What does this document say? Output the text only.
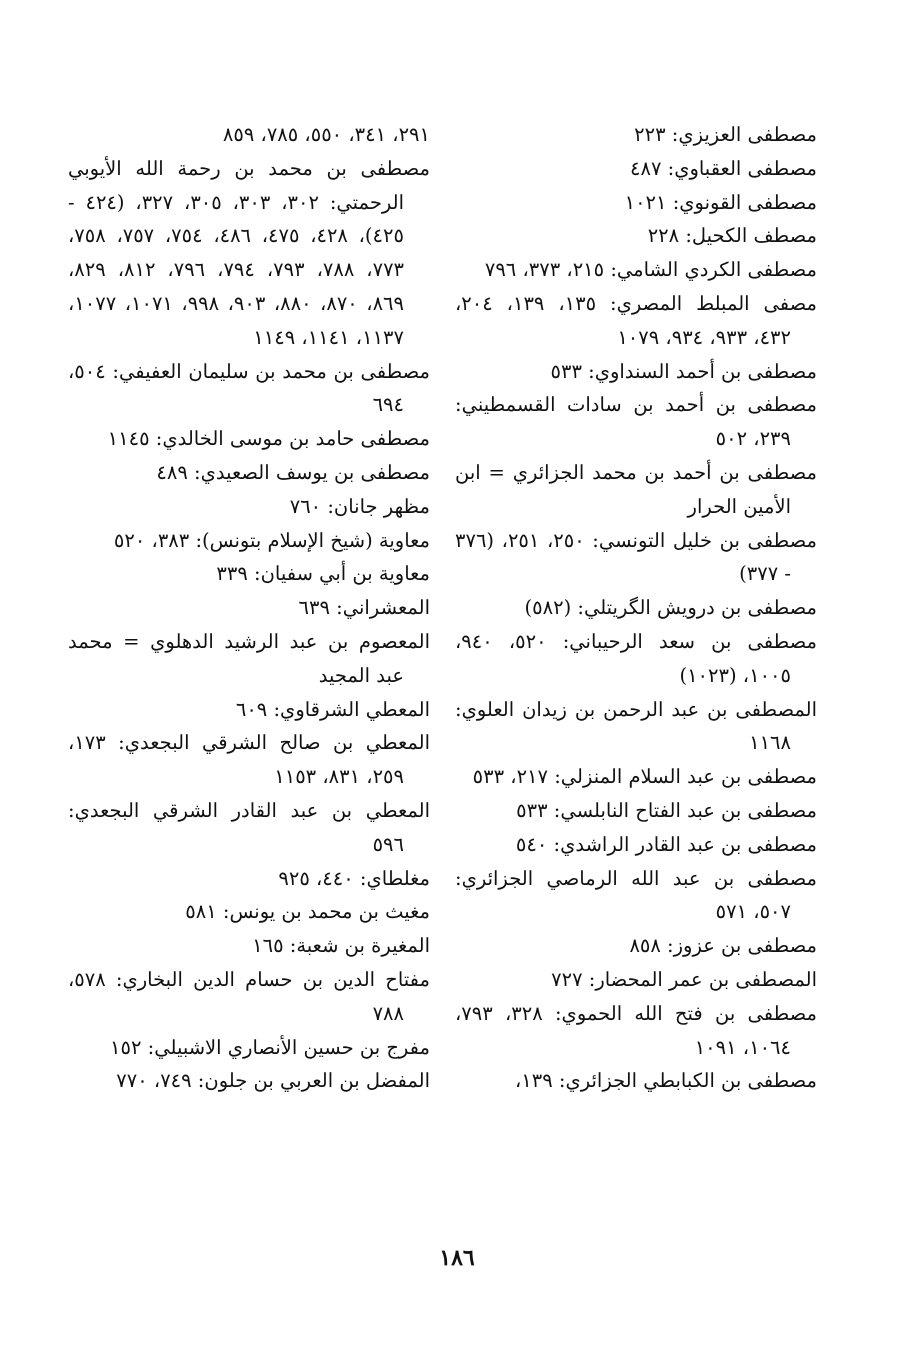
مصطفى العزيزي: ٢٢٣
مصطفى العقباوي: ٤٨٧
مصطفى القونوي: ١٠٢١
مصطف الكحيل: ٢٢٨
مصطفى الكردي الشامي: ٢١٥، ٣٧٣، ٧٩٦
مصفى المبلط المصري: ١٣٥، ١٣٩، ٢٠٤، ٤٣٢، ٩٣٣، ٩٣٤، ١٠٧٩
مصطفى بن أحمد السنداوي: ٥٣٣
مصطفى بن أحمد بن سادات القسمطيني: ٢٣٩، ٥٠٢
مصطفى بن أحمد بن محمد الجزائري = ابن الأمين الحرار
مصطفى بن خليل التونسي: ٢٥٠، ٢٥١، (٣٧٦ - ٣٧٧)
مصطفى بن درويش الگريتلي: (٥٨٢)
مصطفى بن سعد الرحيباني: ٥٢٠، ٩٤٠، ١٠٠٥، (١٠٢٣)
المصطفى بن عبد الرحمن بن زيدان العلوي: ١١٦٨
مصطفى بن عبد السلام المنزلي: ٢١٧، ٥٣٣
مصطفى بن عبد الفتاح النابلسي: ٥٣٣
مصطفى بن عبد القادر الراشدي: ٥٤٠
مصطفى بن عبد الله الرماصي الجزائري: ٥٠٧، ٥٧١
مصطفى بن عزوز: ٨٥٨
المصطفى بن عمر المحضار: ٧٢٧
مصطفى بن فتح الله الحموي: ٣٢٨، ٧٩٣، ١٠٦٤، ١٠٩١
مصطفى بن الكبابطي الجزائري: ١٣٩،
٢٩١، ٣٤١، ٥٥٠، ٧٨٥، ٨٥٩
مصطفى بن محمد بن رحمة الله الأيوبي الرحمتي: ٣٠٢، ٣٠٣، ٣٠٥، ٣٢٧، (٤٢٤ - ٤٢٥)، ٤٢٨، ٤٧٥، ٤٨٦، ٧٥٤، ٧٥٧، ٧٥٨، ٧٧٣، ٧٨٨، ٧٩٣، ٧٩٤، ٧٩٦، ٨١٢، ٨٢٩، ٨٦٩، ٨٧٠، ٨٨٠، ٩٠٣، ٩٩٨، ١٠٧١، ١٠٧٧، ١١٣٧، ١١٤١، ١١٤٩
مصطفى بن محمد بن سليمان العفيفي: ٥٠٤، ٦٩٤
مصطفى حامد بن موسى الخالدي: ١١٤٥
مصطفى بن يوسف الصعيدي: ٤٨٩
مظهر جانان: ٧٦٠
معاوية (شيخ الإسلام بتونس): ٣٨٣، ٥٢٠
معاوية بن أبي سفيان: ٣٣٩
المعشراني: ٦٣٩
المعصوم بن عبد الرشيد الدهلوي = محمد عبد المجيد
المعطي الشرقاوي: ٦٠٩
المعطي بن صالح الشرقي البجعدي: ١٧٣، ٢٥٩، ٨٣١، ١١٥٣
المعطي بن عبد القادر الشرقي البجعدي: ٥٩٦
مغلطاي: ٤٤٠، ٩٢٥
مغيث بن محمد بن يونس: ٥٨١
المغيرة بن شعبة: ١٦٥
مفتاح الدين بن حسام الدين البخاري: ٥٧٨، ٧٨٨
مفرج بن حسين الأنصاري الاشبيلي: ١٥٢
المفضل بن العربي بن جلون: ٧٤٩، ٧٧٠
١٨٦
